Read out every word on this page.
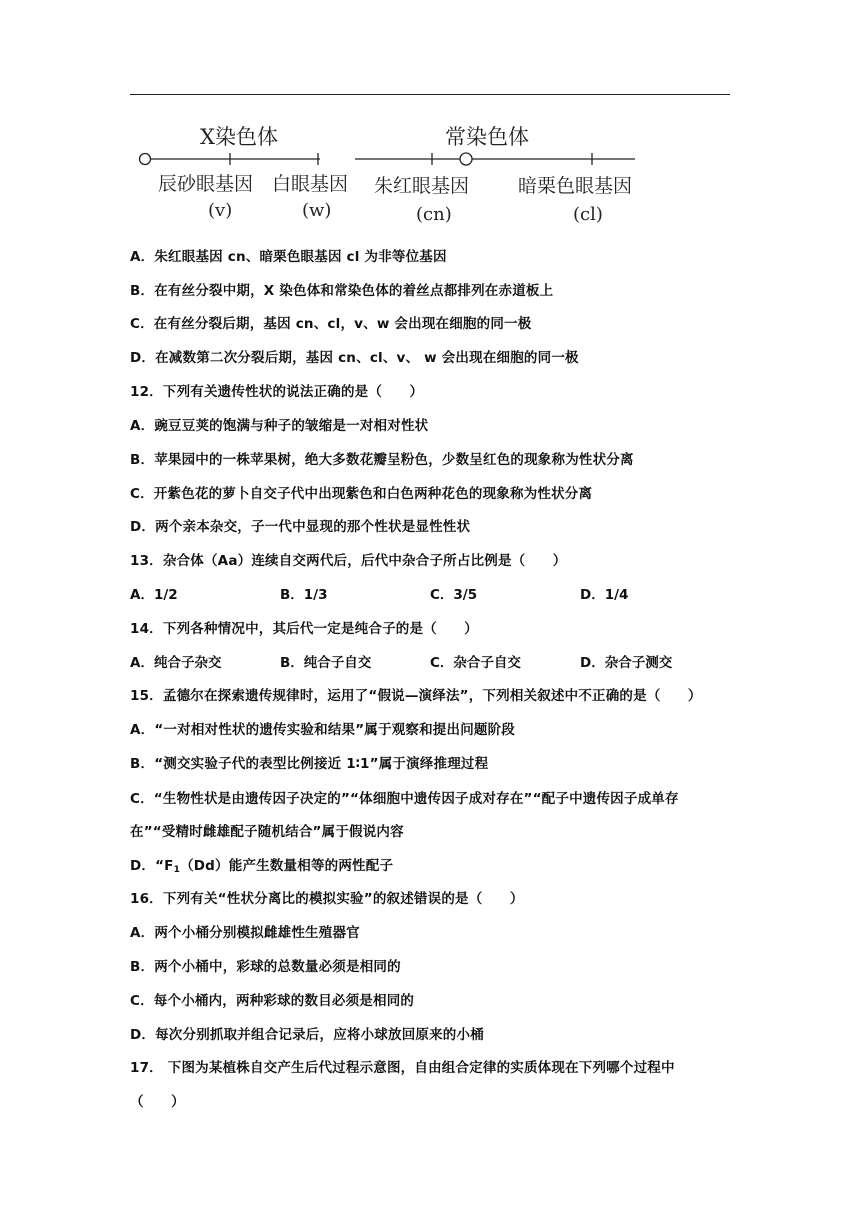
X染色体
辰砂眼基因
(v)
白眼基因
(w)
常染色体
朱红眼基因
(cn)
暗栗色眼基因
(cl)
A．朱红眼基因 cn、暗栗色眼基因 cl 为非等位基因
B．在有丝分裂中期，X 染色体和常染色体的着丝点都排列在赤道板上
C．在有丝分裂后期，基因 cn、cl，v、w 会出现在细胞的同一极
D．在减数第二次分裂后期，基因 cn、cl、v、 w 会出现在细胞的同一极
12．下列有关遗传性状的说法正确的是（　　）
A．豌豆豆荚的饱满与种子的皱缩是一对相对性状
B．苹果园中的一株苹果树，绝大多数花瓣呈粉色，少数呈红色的现象称为性状分离
C．开紫色花的萝卜自交子代中出现紫色和白色两种花色的现象称为性状分离
D．两个亲本杂交，子一代中显现的那个性状是显性性状
13．杂合体（Aa）连续自交两代后，后代中杂合子所占比例是（　　）
A．1/2	B．1/3	C．3/5	D．1/4
14．下列各种情况中，其后代一定是纯合子的是（　　）
A．纯合子杂交	B．纯合子自交	C．杂合子自交	D．杂合子测交
15．孟德尔在探索遗传规律时，运用了“假说—演绎法”，下列相关叙述中不正确的是（　　）
A．“一对相对性状的遗传实验和结果”属于观察和提出问题阶段
B．“测交实验子代的表型比例接近 1∶1”属于演绎推理过程
C．“生物性状是由遗传因子决定的”“体细胞中遗传因子成对存在”“配子中遗传因子成单存
在”“受精时雌雄配子随机结合”属于假说内容
D．“$F_1(Dd)$能产生数量相等的两性配子
16．下列有关“性状分离比的模拟实验”的叙述错误的是（　　）
A．两个小桶分别模拟雌雄性生殖器官
B．两个小桶中，彩球的总数量必须是相同的
C．每个小桶内，两种彩球的数目必须是相同的
D．每次分别抓取并组合记录后，应将小球放回原来的小桶
17． 下图为某植株自交产生后代过程示意图，自由组合定律的实质体现在下列哪个过程中
（　　）
